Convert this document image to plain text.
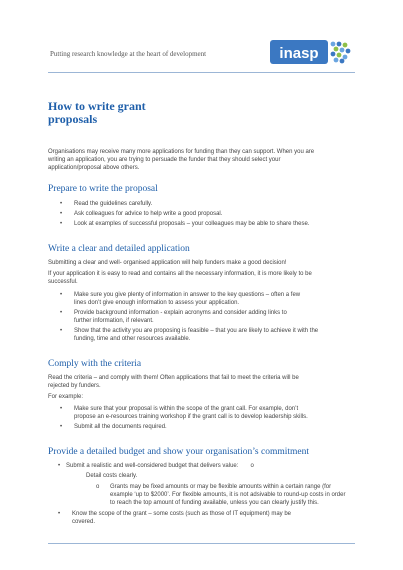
Putting research knowledge at the heart of development	inasp
How to write grant
proposals
Organisations may receive many more applications for funding than they can support. When you are
writing an application, you are trying to persuade the funder that they should select your
application/proposal above others.
Prepare to write the proposal
• Read the guidelines carefully.
• Ask colleagues for advice to help write a good proposal.
• Look at examples of successful proposals – your colleagues may be able to share these.
Write a clear and detailed application
Submitting a clear and well- organised application will help funders make a good decision!
If your application it is easy to read and contains all the necessary information, it is more likely to be
successful.
• Make sure you give plenty of information in answer to the key questions – often a few
lines don’t give enough information to assess your application.
• Provide background information - explain acronyms and consider adding links to
further information, if relevant.
• Show that the activity you are proposing is feasible – that you are likely to achieve it with the
funding, time and other resources available.
Comply with the criteria
Read the criteria – and comply with them! Often applications that fail to meet the criteria will be
rejected by funders.
For example:
• Make sure that your proposal is within the scope of the grant call. For example, don’t
propose an e-resources training workshop if the grant call is to develop leadership skills.
• Submit all the documents required.
Provide a detailed budget and show your organisation’s commitment
• Submit a realistic and well-considered budget that delivers value: o
Detail costs clearly.
o Grants may be fixed amounts or may be flexible amounts within a certain range (for
example ‘up to $2000’. For flexible amounts, it is not adsivable to round-up costs in order
to reach the top amount of funding available, unless you can clearly justify this.
• Know the scope of the grant – some costs (such as those of IT equipment) may be
covered.
